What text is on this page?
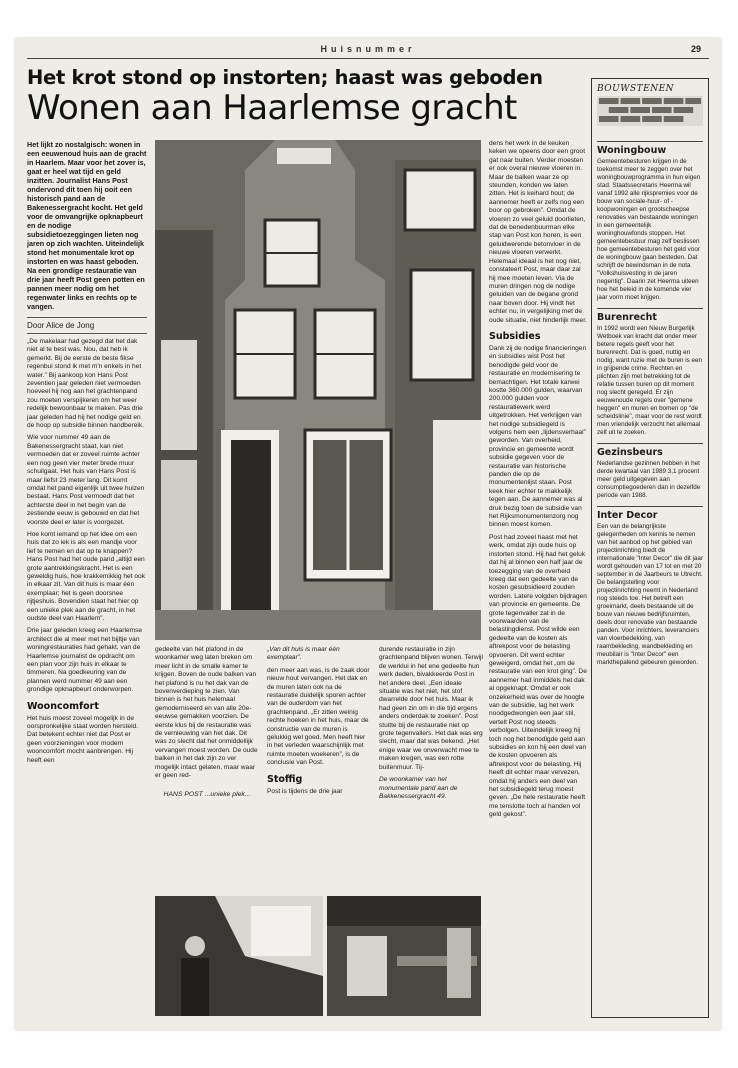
Huisnummer	29
Het krot stond op instorten; haast was geboden
Wonen aan Haarlemse gracht

Het lijkt zo nostalgisch: wonen in een eeuwenoud huis aan de gracht in Haarlem. Maar voor het zover is, gaat er heel wat tijd en geld inzitten. Journalist Hans Post ondervond dit toen hij ooit een historisch pand aan de Bakenessergracht kocht. Het geld voor de omvangrijke opknapbeurt en de nodige subsidietoezeggingen lieten nog jaren op zich wachten. Uiteindelijk stond het monumentale krot op instorten en was haast geboden. Na een grondige restauratie van drie jaar heeft Post geen potten en pannen meer nodig om het regenwater links en rechts op te vangen.

Door Alice de Jong

„De makelaar had gezegd dat het dak niet al te best was. Nou, dat heb ik gemerkt. Bij de eerste de beste fikse regenbui stond ik met m'n enkels in het water.” Bij aankoop kon Hans Post zeventien jaar geleden niet vermoeden hoeveel hij nog aan het grachtenpand zou moeten verspijkeren om het weer redelijk bewoonbaar te maken. Pas drie jaar geleden had hij het nodige geld en de hoop op subsidie binnen handbereik.

Wie voor nummer 49 aan de Bakenessergracht staat, kan niet vermoeden dat er zoveel ruimte achter een nog geen vier meter brede muur schuilgaat. Het huis van Hans Post is maar liefst 23 meter lang. Dit komt omdat het pand eigenlijk uit twee huizen bestaat. Hans Post vermoedt dat het achterste deel in het begin van de zestiende eeuw is gebouwd en dat het voorste deel er later is voorgezet.

Hoe komt iemand op het idee om een huis dat zo iek is als een mandje voor lief te nemen en dat op te knappen? Hans Post had het oude pand „altijd een grote aantrekkingskracht. Het is een geweldig huis, hoe krakkemikkig het ook in elkaar zit. Van dit huis is maar één exemplaar; het is geen doorsnee rijtjeshuis. Bovendien staat het hier op een unieke plek aan de gracht, in het oudste deel van Haarlem”.

Drie jaar geleden kreeg een Haarlemse architect die al meer met het bijltje van woningrestauraties had gehakt, van de Haarlemse journalist de opdracht om een plan voor zijn huis in elkaar te timmeren. Na goedkeuring van de plannen werd nummer 49 aan een grondige opknapbeurt onderworpen.

Wooncomfort

Het huis moest zoveel mogelijk in de oorspronkelijke staat worden hersteld. Dat betekent echter niet dat Post er geen voorzieningen voor modern wooncomfort mocht aanbrengen. Hij heeft een

gedeelte van het plafond in de woonkamer weg laten breken om meer licht in de smalle kamer te krijgen. Boven de oude balken van het plafond is nu het dak van de bovenverdieping te zien. Van binnen is het huis helemaal gemoderniseerd en van alle 20e-eeuwse gemakken voorzien. De eerste klus bij de restauratie was de vernieuwing van het dak. Dit was zo slecht dat het onmiddellijk vervangen moest worden. De oude balken in het dak zijn zo ver mogelijk intact gelaten, maar waar er geen red-

HANS POST ...unieke plek...

„Van dit huis is maar één exemplaar”.

den meer aan was, is de zaak door nieuw hout vervangen. Het dak en de muren laten ook na de restauratie duidelijk sporen achter van de ouderdom van het grachtenpand. „Er zitten weinig rechte hoeken in het huis, maar de constructie van de muren is gelukkig wel goed. Men heeft hier in het verleden waarschijnlijk met ruimte moeten woekeren”, is de conclusie van Post.

Stoffig

Post is tijdens de drie jaar

durende restauratie in zijn grachtenpand blijven wonen. Terwijl de werklui in het ene gedeelte hun werk deden, bivakkeerde Post in het andere deel. „Een ideale situatie was het niet, het stof dwarrelde door het huis. Maar ik had geen zin om in die tijd ergens anders onderdak te zoeken”. Post stuitte bij de restauratie niet op grote tegenvallers. Het dak was erg slecht, maar dat was bekend. „Het enige waar we onverwacht mee te maken kregen, was een rotte buitenmuur. Tij-

De woonkamer van het monumentale pand aan de Bakkenessergracht 49.

dens het werk in de keuken keken we opeens door een groot gat naar buiten. Verder moesten er ook overal nieuwe vloeren in. Maar de balken waar ze op steunden, konden we laten zitten. Het is keihard hout; de aannemer heeft er zelfs nog een boor op gebroken”. Omdat de vloeren zo veel geluid doorlieten, dat de benedenbuurman elke stap van Post kon horen, is een geluidwerende betonvloer in de nieuwe vloeren verwerkt. Helemaal ideaal is het nog niet, constateert Post, maar daar zal hij mee moeten leven. Via de muren dringen nog de nodige geluiden van de begane grond naar boven door. Hij vindt het echter nu, in vergelijking met de oude situatie, niet hinderlijk meer.

Subsidies

Dank zij de nodige financieringen en subsidies wist Post het benodigde geld voor de restauratie en modernisering te bemachtigen. Het totale karwei kostte 360.000 gulden, waarvan 200.000 gulden voor restauratiewerk werd uitgetrokken. Het verkrijgen van het nodige subsidiegeld is volgens hem een „lijdensverhaal” geworden. Van overheid, provincie en gemeente wordt subsidie gegeven voor de restauratie van historische panden die op de monumentenlijst staan. Post keek hier echter te makkelijk tegen aan. De aannemer was al druk bezig toen de subsidie van het Rijksmonumentenzorg nog binnen moest komen.

Post had zoveel haast met het werk, omdat zijn oude huis op instorten stond. Hij had het geluk dat hij al binnen een half jaar de toezegging van de overheid kreeg dat een gedeelte van de kosten gesubsidieerd zouden worden. Latere volgden bijdragen van provincie en gemeente. De grote tegenvaller zat in de voorwaarden van de belastingdienst. Post wilde een gedeelte van de kosten als aftrekpost voor de belasting opvoeren. Dit werd echter geweigerd, omdat het „om de restauratie van een krot ging”. De aannemer had inmiddels het dak al opgeknapt. Omdat er ook onzekerheid was over de hoogte van de subsidie, lag het werk noodgedwongen een jaar stil, vertelt Post nog steeds verbolgen. Uiteindelijk kreeg hij toch nog het benodigde geld aan subsidies en kon hij een deel van de kosten opvoeren als aftrekpost voor de belasting. Hij heeft dit echter maar vervezen, omdat hij anders een deel van het subsidiegeld terug moest geven. „De hele restauratie heeft me tenslotte toch al handen vol geld gekost”.

BOUWSTENEN
Woningbouw

Gemeentebesturen krijgen in de toekomst meer te zeggen over het woningbouwprogramma in hun eigen stad. Staatssecretaris Heerma wil vanaf 1992 alle rijkspremies voor de bouw van sociale-huur- of -koopwoningen en grootscheepse renovaties van bestaande woningen in een gemeentelijk woninghouwfonds stoppen. Het gemeentebestuur mag zelf beslissen hoe gemeentebesturen het geld voor de woningbouw gaan besteden. Dat schrijft de bewindsman in de nota "Volkshuisvesting in de jaren negentig". Daarin zet Heerma uiteen hoe het beleid in de komende vier jaar vorm moet krijgen.

Burenrecht

In 1992 wordt een Nieuw Burgerlijk Wetboek van kracht dat onder meer betere regels geeft voor het burenrecht. Dat is goed, nuttig en nodig, want ruzie met de buren is een in grijpende crime. Rechten en plichten zijn met betrekking tot de relatie tussen buren op dit moment nog slecht geregeld. Er zijn eeuwenoude regels over "gemene heggen" en muren en bomen op "de scheidslinie", maar voor de rest wordt men vriendelijk verzocht het allemaal zelf uit te zoeken.

Gezinsbeurs

Nederlandse gezinnen hebben in het derde kwartaal van 1989 3,1 procent meer geld uitgegeven aan consumptiegoederen dan in dezelfde periode van 1988.

Inter Decor

Een van de belangrijkste gelegenheden om kennis te nemen van het aanbod op het gebied van projectinrichting biedt de internationale "Inter Decor" die dit jaar wordt gehouden van 17 tot en met 20 september in de Jaarbeurs te Utrecht. De belangstelling voor projectinrichting neemt in Nederland nog steeds toe. Het betreft een groeimarkt, deels bestaande uit de bouw van nieuwe bedrijfsruimten, deels door renovatie van bestaande panden. Voor inrichters, leveranciers van vloerbedekking, van raambekleding, wandbekleding en meubilair is "Inter Decor" een markthepalend gebeuren geworden.
